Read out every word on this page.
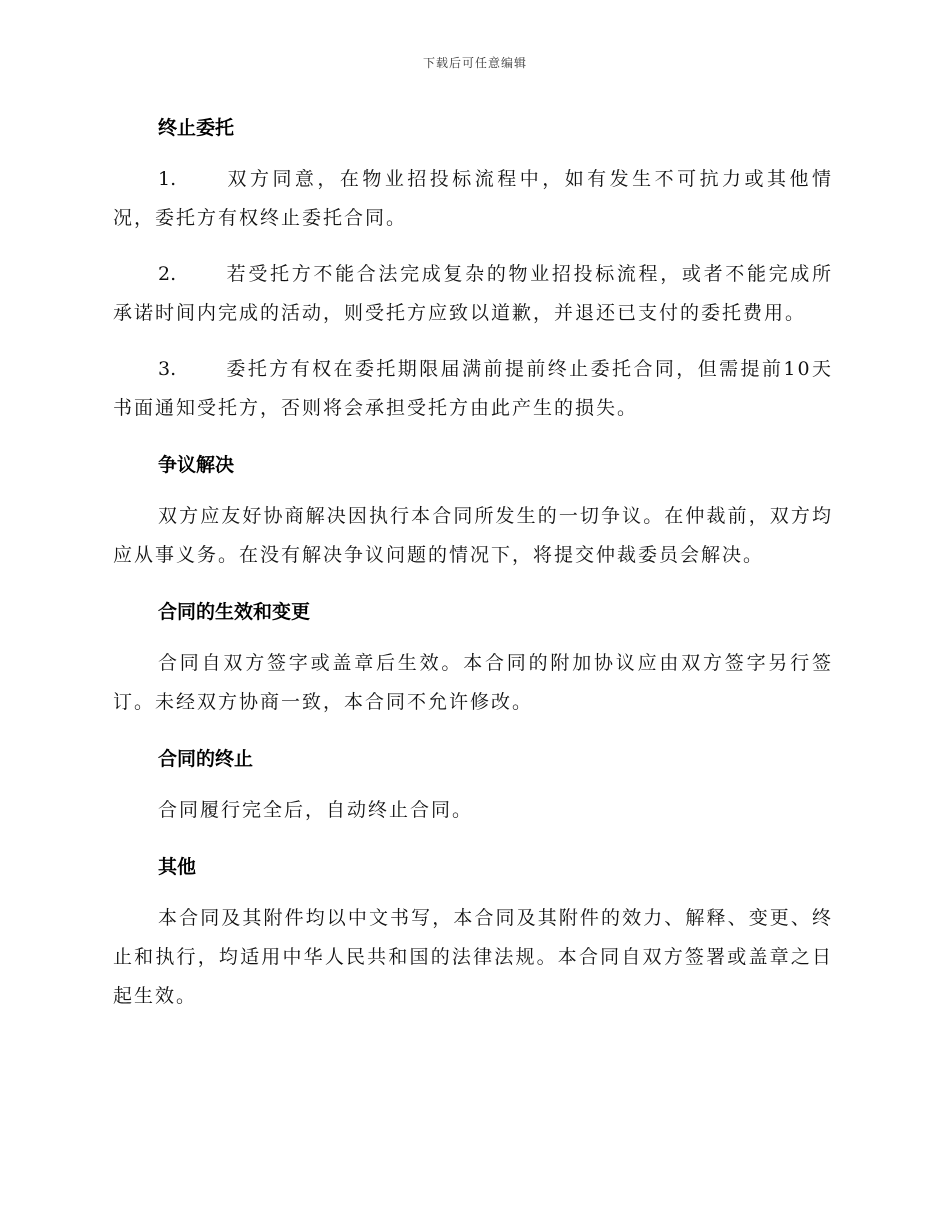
下载后可任意编辑
终止委托

1.	双方同意，在物业招投标流程中，如有发生不可抗力或其他情况，委托方有权终止委托合同。

2.	若受托方不能合法完成复杂的物业招投标流程，或者不能完成所承诺时间内完成的活动，则受托方应致以道歉，并退还已支付的委托费用。

3.	委托方有权在委托期限届满前提前终止委托合同，但需提前10天书面通知受托方，否则将会承担受托方由此产生的损失。

争议解决

双方应友好协商解决因执行本合同所发生的一切争议。在仲裁前，双方均应从事义务。在没有解决争议问题的情况下，将提交仲裁委员会解决。

合同的生效和变更

合同自双方签字或盖章后生效。本合同的附加协议应由双方签字另行签订。未经双方协商一致，本合同不允许修改。

合同的终止

合同履行完全后，自动终止合同。

其他

本合同及其附件均以中文书写，本合同及其附件的效力、解释、变更、终止和执行，均适用中华人民共和国的法律法规。本合同自双方签署或盖章之日起生效。
